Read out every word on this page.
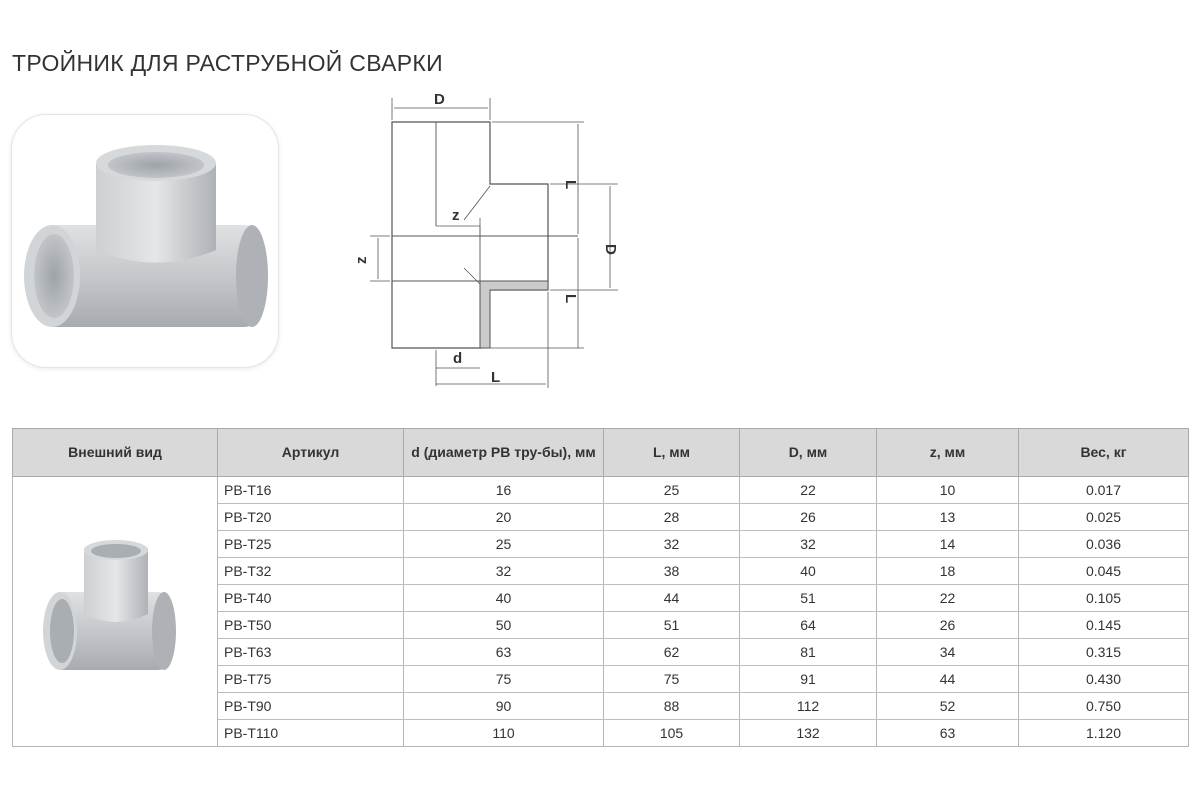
ТРОЙНИК ДЛЯ РАСТРУБНОЙ СВАРКИ
D
L
z
D
z
L
d
L
Внешний вид	Артикул	d (диаметр PB тру-бы), мм	L, мм	D, мм	z, мм	Вес, кг

	PB-T16	16	25	22	10	0.017
	PB-T20	20	28	26	13	0.025
	PB-T25	25	32	32	14	0.036
	PB-T32	32	38	40	18	0.045
	PB-T40	40	44	51	22	0.105
	PB-T50	50	51	64	26	0.145
	PB-T63	63	62	81	34	0.315
	PB-T75	75	75	91	44	0.430
	PB-T90	90	88	112	52	0.750
	PB-T110	110	105	132	63	1.120
